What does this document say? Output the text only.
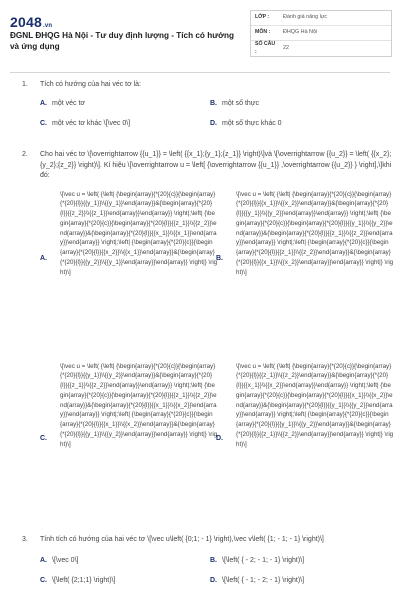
2048.vn
ĐGNL ĐHQG Hà Nội - Tư duy định lượng - Tích có hướng và ứng dụng
LỚP :	Đánh giá năng lực
MÔN :	ĐHQG Hà Nội
SỐ CÂU :
22
1.	Tích có hướng của hai véc tơ là:
A. một véc tơ	B. một số thực
C. một véc tơ khác \[\vec 0\]	D. một số thực khác 0
2.	Cho hai véc tơ \[\overrightarrow {{u_1}} = \left( {{x_1};{y_1};{z_1}} \right)\]và \[\overrightarrow {{u_2}} = \left( {{x_2};{y_2};{z_2}} \right)\]. Kí hiệu \[\overrightarrow u = \left[ {\overrightarrow {{u_1}} ,\overrightarrow {{u_2}} } \right],\]khi đó:
A.
\[\vec u = \left( {\left| {\begin{array}{*{20}{c}}{\begin{array}{*{20}{l}}{{y_1}}\\{{y_1}}\end{array}}&{\begin{array}{*{20}{l}}{{z_2}}\\{{z_1}}\end{array}}\end{array}} \right|;\left| {\begin{array}{*{20}{c}}{\begin{array}{*{20}{l}}{{z_1}}\\{{z_2}}\end{array}}&{\begin{array}{*{20}{l}}{{x_1}}\\{{x_1}}\end{array}}\end{array}} \right|;\left| {\begin{array}{*{20}{c}}{\begin{array}{*{20}{l}}{{x_2}}\\{{x_1}}\end{array}}&{\begin{array}{*{20}{l}}{{y_2}}\\{{y_1}}\end{array}}\end{array}} \right|} \right)\]
B.
\[\vec u = \left( {\left| {\begin{array}{*{20}{c}}{\begin{array}{*{20}{l}}{{x_1}}\\{{x_2}}\end{array}}&{\begin{array}{*{20}{l}}{{y_1}}\\{{y_2}}\end{array}}\end{array}} \right|;\left| {\begin{array}{*{20}{c}}{\begin{array}{*{20}{l}}{{y_1}}\\{{y_2}}\end{array}}&{\begin{array}{*{20}{l}}{{z_1}}\\{{z_2}}\end{array}}\end{array}} \right|;\left| {\begin{array}{*{20}{c}}{\begin{array}{*{20}{l}}{{z_1}}\\{{z_2}}\end{array}}&{\begin{array}{*{20}{l}}{{x_1}}\\{{x_2}}\end{array}}\end{array}} \right|} \right)\]
C.
\[\vec u = \left( {\left| {\begin{array}{*{20}{c}}{\begin{array}{*{20}{l}}{{y_1}}\\{{y_2}}\end{array}}&{\begin{array}{*{20}{l}}{{z_1}}\\{{z_2}}\end{array}}\end{array}} \right|;\left| {\begin{array}{*{20}{c}}{\begin{array}{*{20}{l}}{{z_1}}\\{{z_2}}\end{array}}&{\begin{array}{*{20}{l}}{{x_1}}\\{{x_2}}\end{array}}\end{array}} \right|;\left| {\begin{array}{*{20}{c}}{\begin{array}{*{20}{l}}{{x_1}}\\{{x_2}}\end{array}}&{\begin{array}{*{20}{l}}{{y_1}}\\{{y_2}}\end{array}}\end{array}} \right|} \right)\]
D.
\[\vec u = \left( {\left| {\begin{array}{*{20}{c}}{\begin{array}{*{20}{l}}{{z_1}}\\{{z_2}}\end{array}}&{\begin{array}{*{20}{l}}{{x_1}}\\{{x_2}}\end{array}}\end{array}} \right|;\left| {\begin{array}{*{20}{c}}{\begin{array}{*{20}{l}}{{x_1}}\\{{x_2}}\end{array}}&{\begin{array}{*{20}{l}}{{y_1}}\\{{y_2}}\end{array}}\end{array}} \right|;\left| {\begin{array}{*{20}{c}}{\begin{array}{*{20}{l}}{{y_1}}\\{{y_2}}\end{array}}&{\begin{array}{*{20}{l}}{{z_1}}\\{{z_2}}\end{array}}\end{array}} \right|} \right)\]
3.	Tính tích có hướng của hai véc tơ \[\vec u\left( {0;1; - 1} \right),\vec v\left( {1; - 1; - 1} \right)\]
A. \[\vec 0\]	B. \[\left( { - 2; - 1; - 1} \right)\]
C. \[\left( {2;1;1} \right)\]	D. \[\left( { - 1; - 2; - 1} \right)\]
